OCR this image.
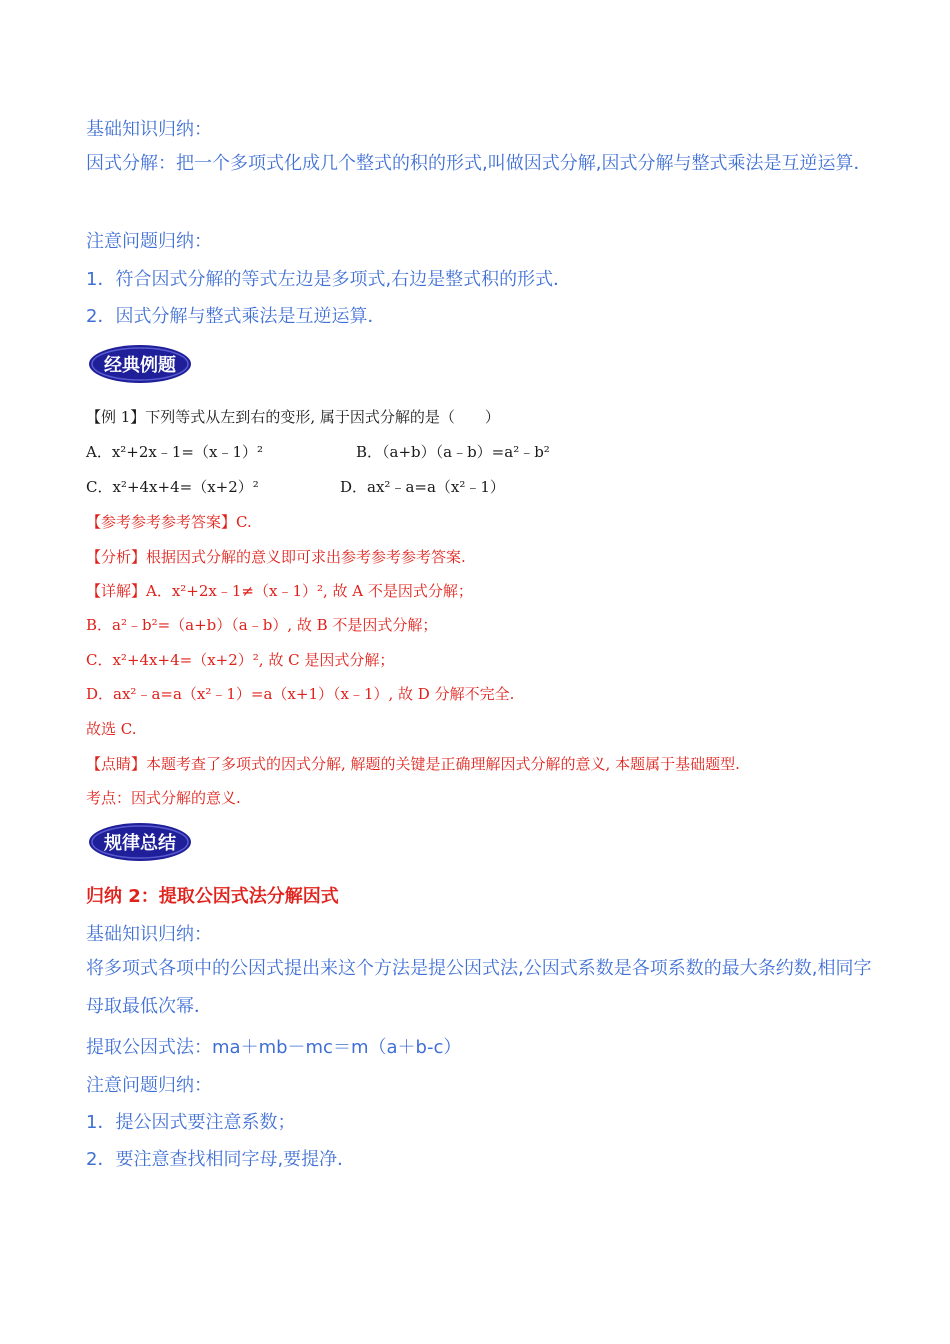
基础知识归纳：
因式分解：把一个多项式化成几个整式的积的形式,叫做因式分解,因式分解与整式乘法是互逆运算．
注意问题归纳：
1．符合因式分解的等式左边是多项式,右边是整式积的形式．
2．因式分解与整式乘法是互逆运算．
经典例题
【例 1】下列等式从左到右的变形, 属于因式分解的是（　　）
A．x²+2x﹣1=（x﹣1）²	B．（a+b）（a﹣b）=a²﹣b²
C．x²+4x+4=（x+2）²	D．ax²﹣a=a（x²﹣1）
【参考参考参考答案】C.
【分析】根据因式分解的意义即可求出参考参考参考答案.
【详解】A．x²+2x﹣1≠（x﹣1）², 故 A 不是因式分解；
B．a²﹣b²=（a+b）（a﹣b）, 故 B 不是因式分解；
C．x²+4x+4=（x+2）², 故 C 是因式分解；
D．ax²﹣a=a（x²﹣1）=a（x+1）（x﹣1）, 故 D 分解不完全.
故选 C.
【点睛】本题考查了多项式的因式分解, 解题的关键是正确理解因式分解的意义, 本题属于基础题型.
考点：因式分解的意义.
规律总结
归纳 2：提取公因式法分解因式
基础知识归纳：
将多项式各项中的公因式提出来这个方法是提公因式法,公因式系数是各项系数的最大条约数,相同字母取最低次幂．
提取公因式法：ma＋mb－mc＝m（a＋b-c）
注意问题归纳：
1．提公因式要注意系数；
2．要注意查找相同字母,要提净．
